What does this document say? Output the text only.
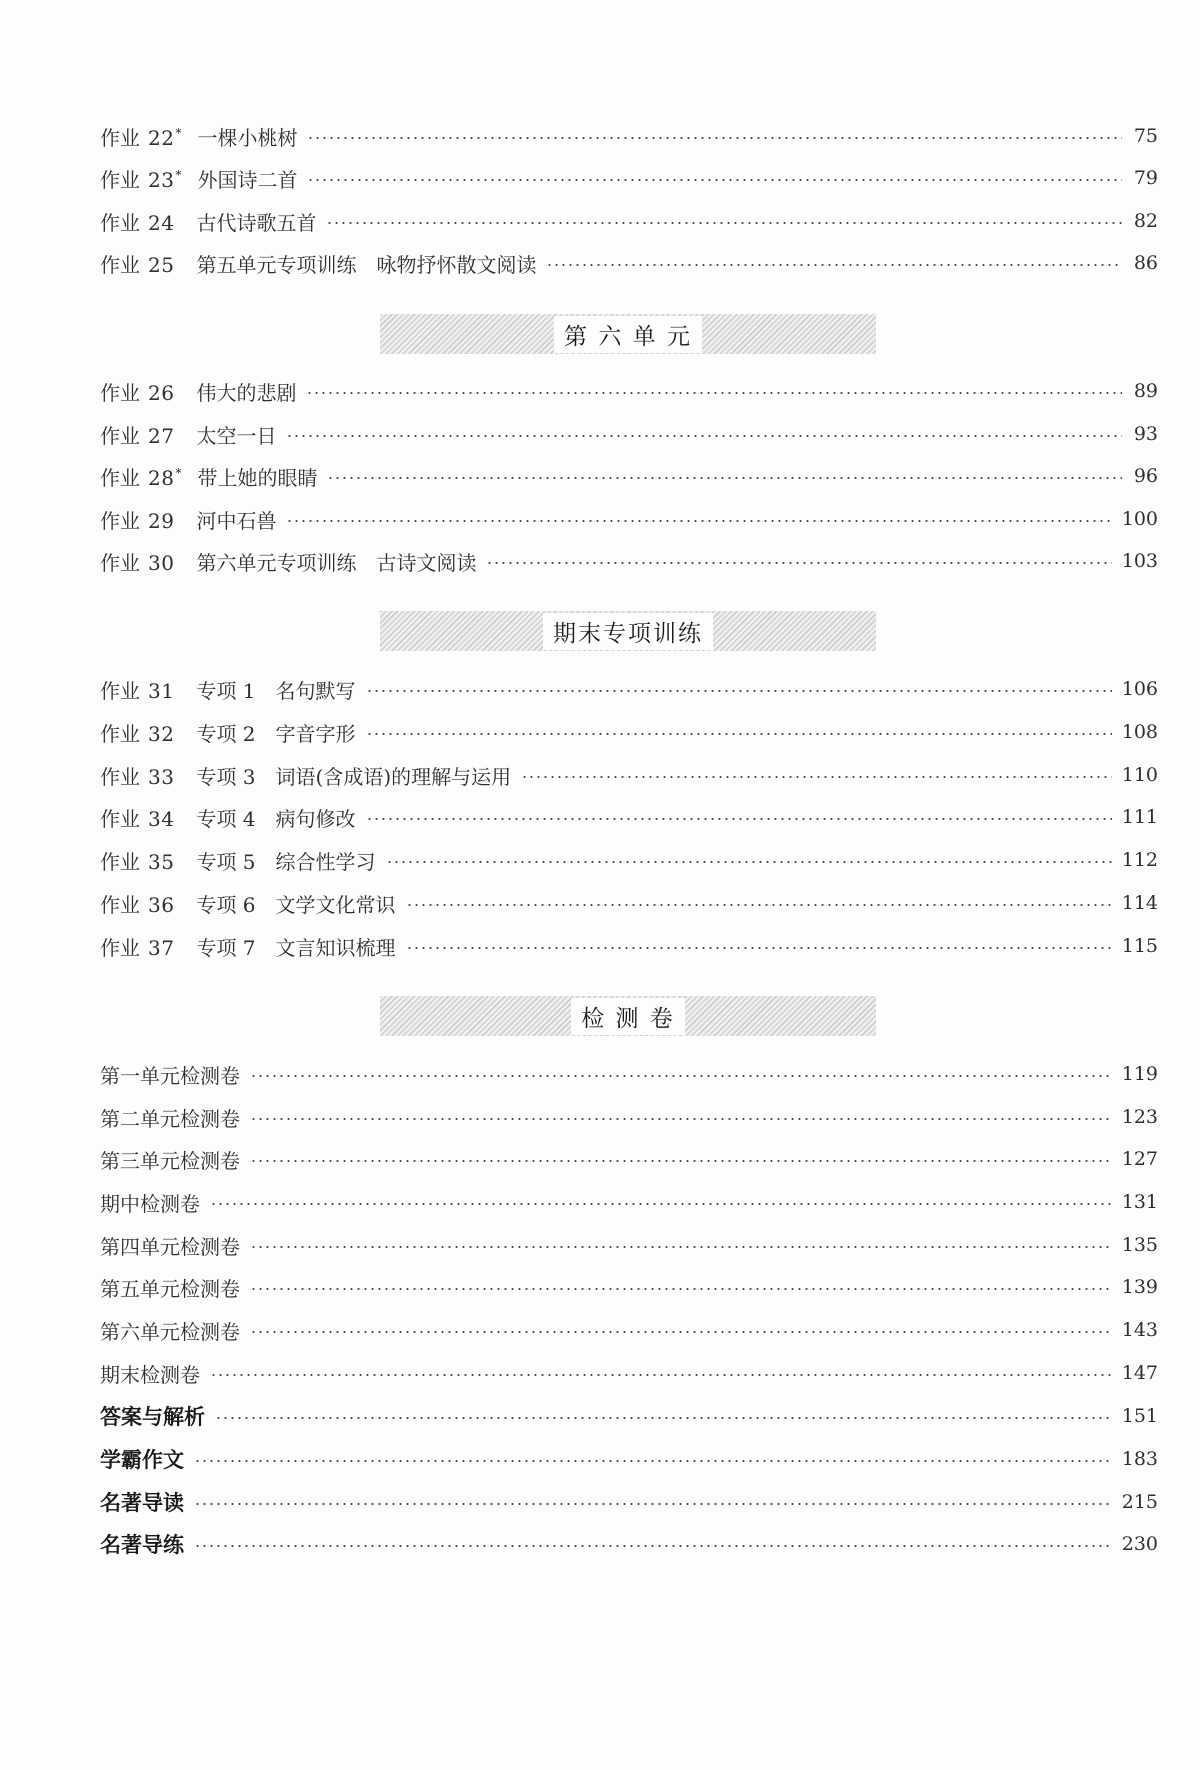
作业 22* 一棵小桃树	75
作业 23* 外国诗二首	79
作业 24 古代诗歌五首	82
作业 25 第五单元专项训练　咏物抒怀散文阅读	86
第 六 单 元
作业 26 伟大的悲剧	89
作业 27 太空一日	93
作业 28* 带上她的眼睛	96
作业 29 河中石兽	100
作业 30 第六单元专项训练　古诗文阅读	103
期末专项训练
作业 31 专项 1　名句默写	106
作业 32 专项 2　字音字形	108
作业 33 专项 3　词语(含成语)的理解与运用	110
作业 34 专项 4　病句修改	111
作业 35 专项 5　综合性学习	112
作业 36 专项 6　文学文化常识	114
作业 37 专项 7　文言知识梳理	115
检 测 卷
第一单元检测卷	119
第二单元检测卷	123
第三单元检测卷	127
期中检测卷	131
第四单元检测卷	135
第五单元检测卷	139
第六单元检测卷	143
期末检测卷	147
答案与解析	151
学霸作文	183
名著导读	215
名著导练	230
